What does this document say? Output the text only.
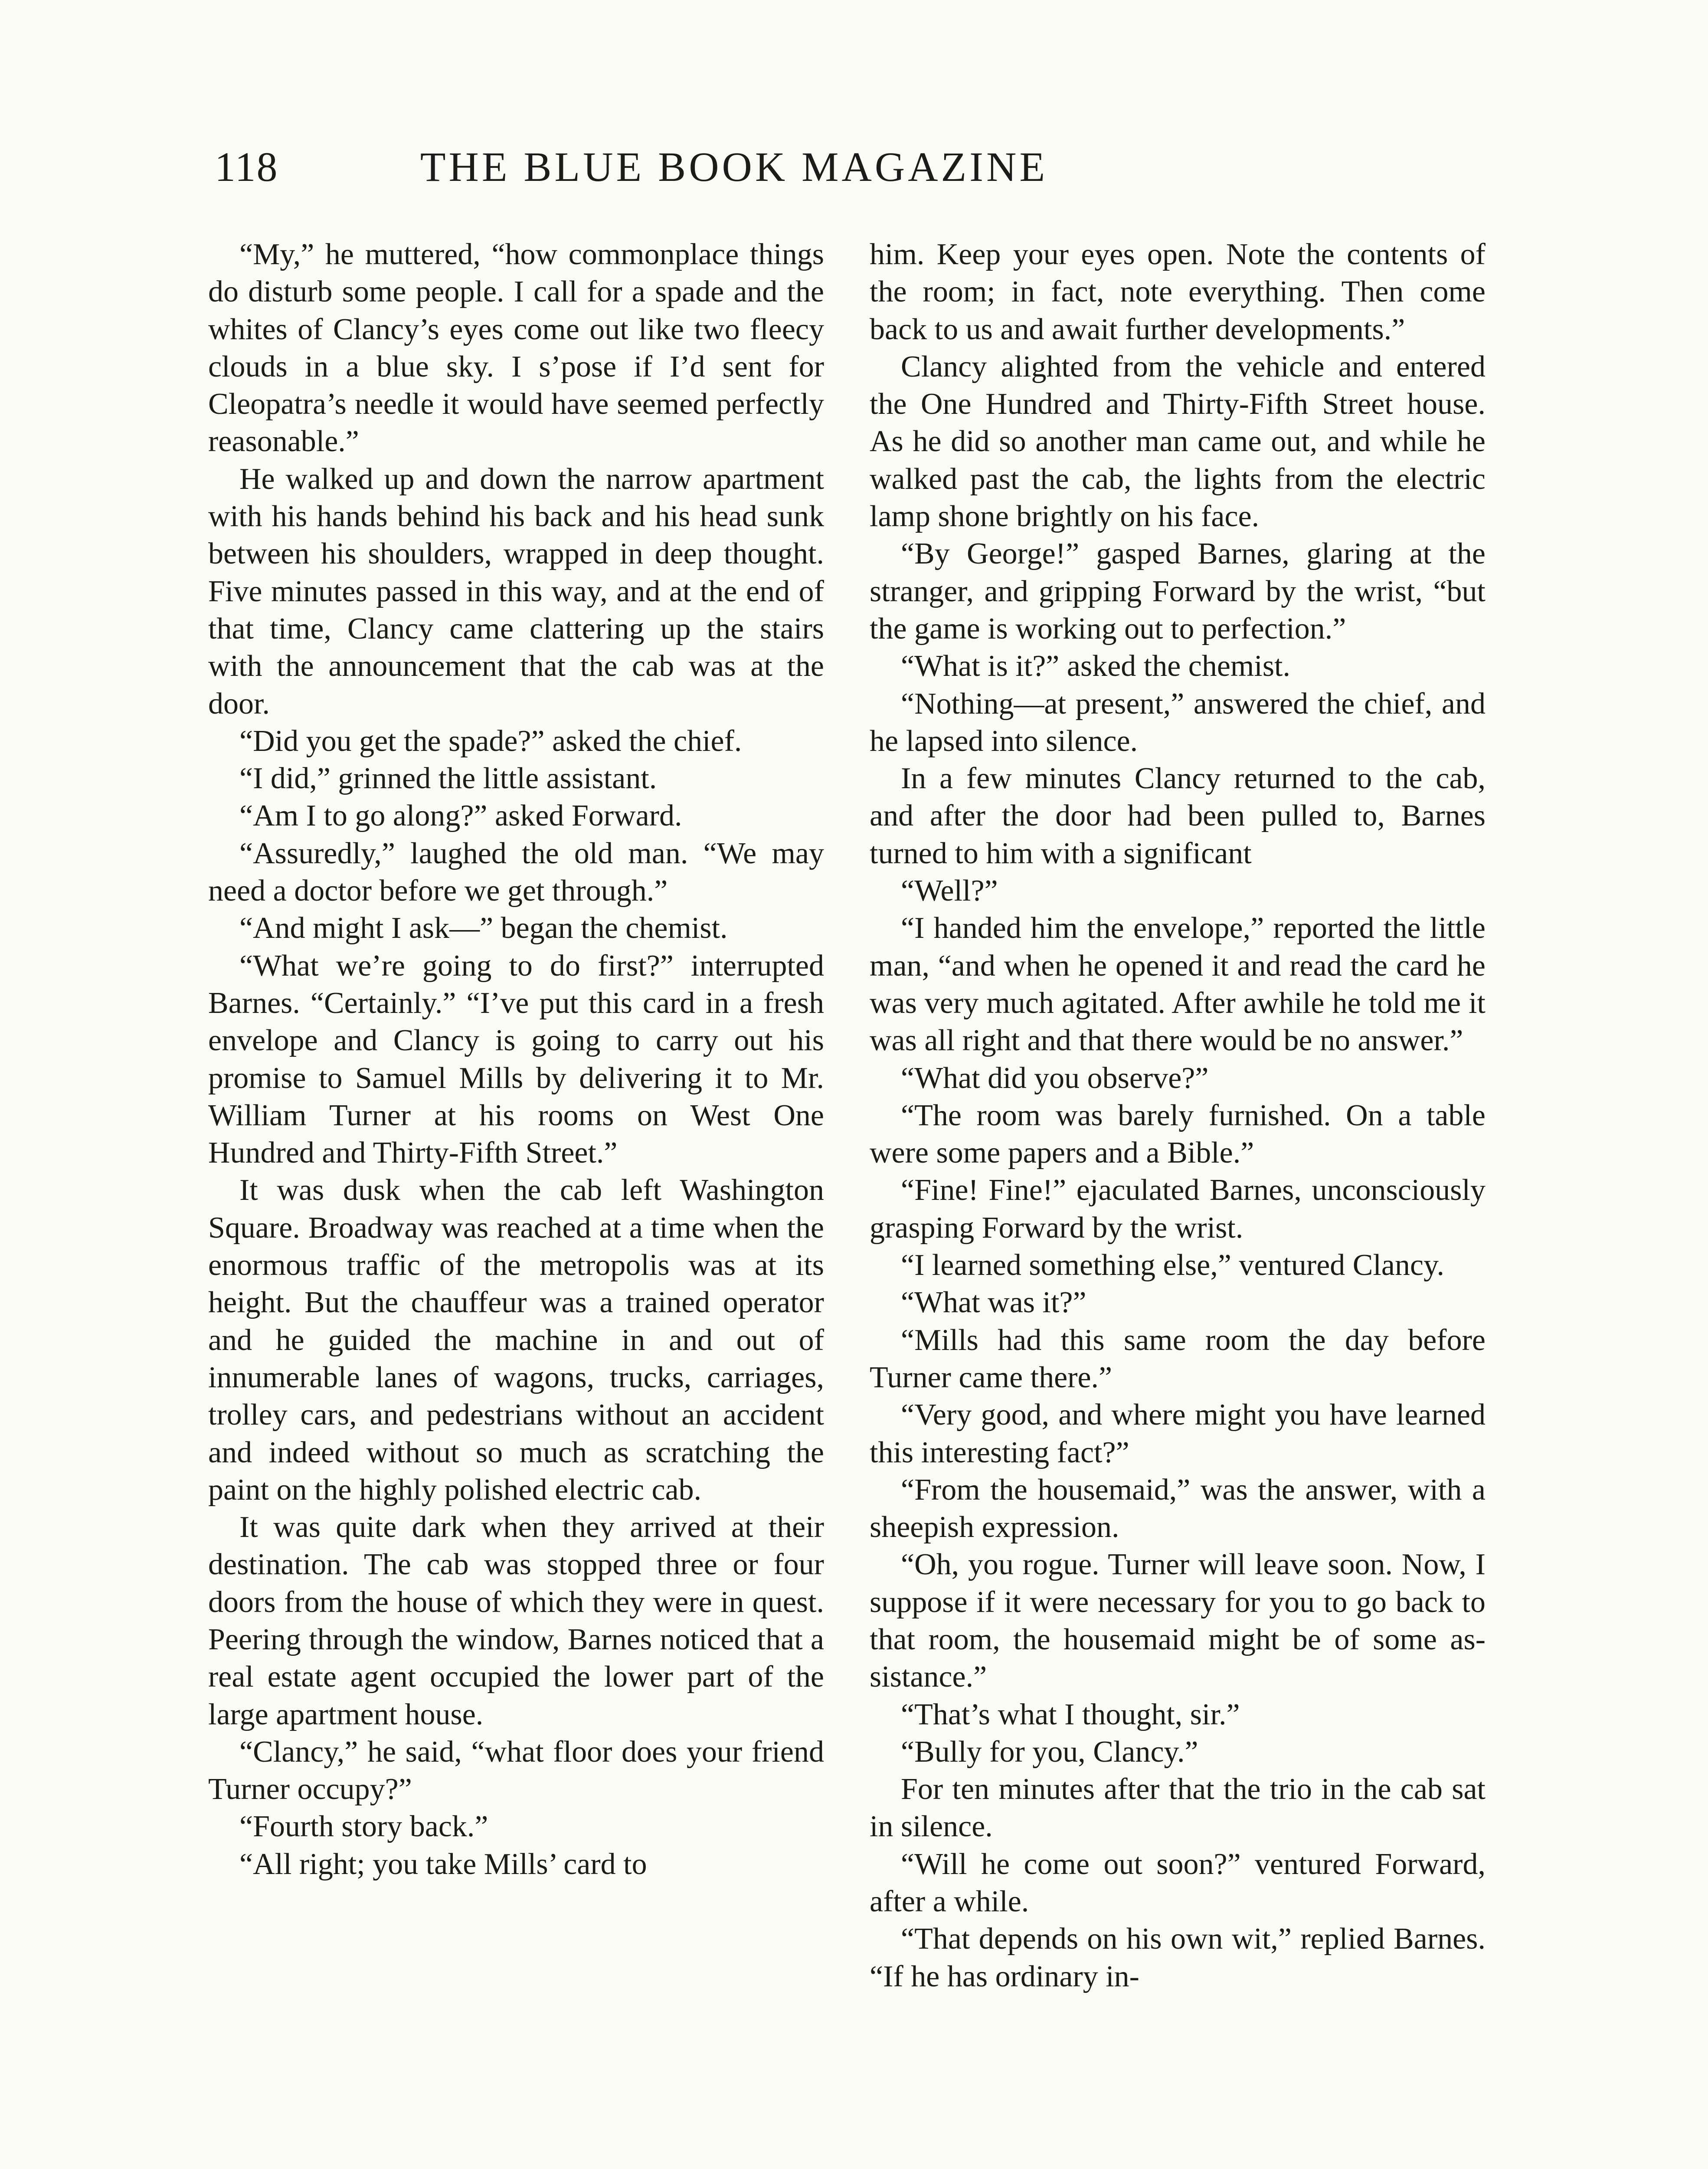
118	THE BLUE BOOK MAGAZINE

“My,” he muttered, “how commonplace things do disturb some people. I call for a spade and the whites of Clancy’s eyes come out like two fleecy clouds in a blue sky. I s’pose if I’d sent for Cleopatra’s needle it would have seemed perfectly reasonable.”

He walked up and down the narrow apartment with his hands behind his back and his head sunk between his shoulders, wrapped in deep thought. Five minutes passed in this way, and at the end of that time, Clancy came clattering up the stairs with the announcement that the cab was at the door.

“Did you get the spade?” asked the chief.

“I did,” grinned the little assistant.

“Am I to go along?” asked Forward.

“Assuredly,” laughed the old man. “We may need a doctor before we get through.”

“And might I ask—” began the chemist.

“What we’re going to do first?” interrupted Barnes. “Certainly.” “I’ve put this card in a fresh envelope and Clancy is going to carry out his promise to Samuel Mills by delivering it to Mr. William Turner at his rooms on West One Hundred and Thirty-Fifth Street.”

It was dusk when the cab left Washington Square. Broadway was reached at a time when the enormous traffic of the metropolis was at its height. But the chauffeur was a trained operator and he guided the machine in and out of innumerable lanes of wagons, trucks, carriages, trolley cars, and pedestrians without an accident and indeed without so much as scratching the paint on the highly polished electric cab.

It was quite dark when they arrived at their destination. The cab was stopped three or four doors from the house of which they were in quest. Peering through the window, Barnes noticed that a real estate agent occupied the lower part of the large apartment house.

“Clancy,” he said, “what floor does your friend Turner occupy?”

“Fourth story back.”

“All right; you take Mills’ card to

him. Keep your eyes open. Note the contents of the room; in fact, note everything. Then come back to us and await further developments.”

Clancy alighted from the vehicle and entered the One Hundred and Thirty-Fifth Street house. As he did so another man came out, and while he walked past the cab, the lights from the electric lamp shone brightly on his face.

“By George!” gasped Barnes, glaring at the stranger, and gripping Forward by the wrist, “but the game is working out to perfection.”

“What is it?” asked the chemist.

“Nothing—at present,” answered the chief, and he lapsed into silence.

In a few minutes Clancy returned to the cab, and after the door had been pulled to, Barnes turned to him with a significant

“Well?”

“I handed him the envelope,” reported the little man, “and when he opened it and read the card he was very much agitated. After awhile he told me it was all right and that there would be no answer.”

“What did you observe?”

“The room was barely furnished. On a table were some papers and a Bible.”

“Fine! Fine!” ejaculated Barnes, unconsciously grasping Forward by the wrist.

“I learned something else,” ventured Clancy.

“What was it?”

“Mills had this same room the day before Turner came there.”

“Very good, and where might you have learned this interesting fact?”

“From the housemaid,” was the answer, with a sheepish expression.

“Oh, you rogue. Turner will leave soon. Now, I suppose if it were necessary for you to go back to that room, the housemaid might be of some assistance.”

“That’s what I thought, sir.”

“Bully for you, Clancy.”

For ten minutes after that the trio in the cab sat in silence.

“Will he come out soon?” ventured Forward, after a while.

“That depends on his own wit,” replied Barnes. “If he has ordinary in-
